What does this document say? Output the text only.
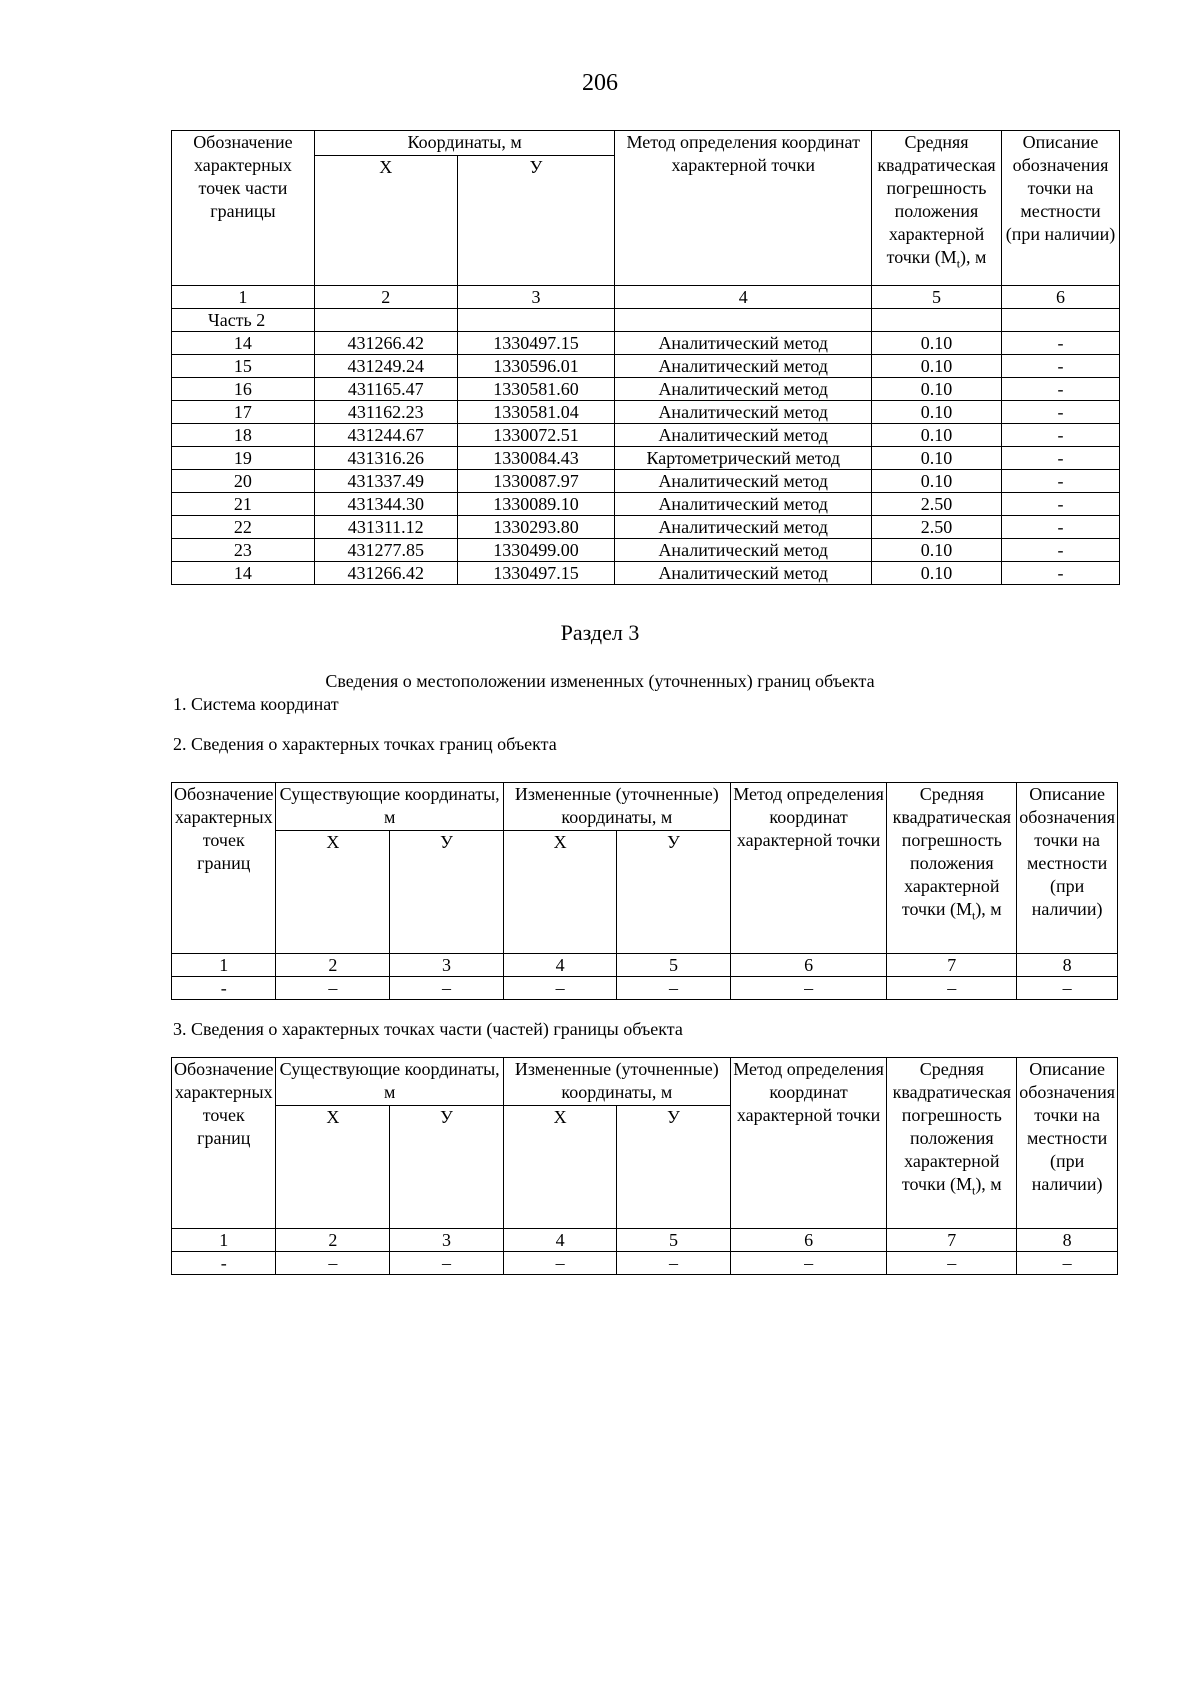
206
Обозначение характерных точек части границы	Координаты, м		Метод определения координат характерной точки	Средняя квадратическая погрешность положения характерной точки $(M_t)$, м	Описание обозначения точки на местности (при наличии)
	Х	У			
1	2	3	4	5	6
Часть 2					
14	431266.42	1330497.15	Аналитический метод	0.10	-
15	431249.24	1330596.01	Аналитический метод	0.10	-
16	431165.47	1330581.60	Аналитический метод	0.10	-
17	431162.23	1330581.04	Аналитический метод	0.10	-
18	431244.67	1330072.51	Аналитический метод	0.10	-
19	431316.26	1330084.43	Картометрический метод	0.10	-
20	431337.49	1330087.97	Аналитический метод	0.10	-
21	431344.30	1330089.10	Аналитический метод	2.50	-
22	431311.12	1330293.80	Аналитический метод	2.50	-
23	431277.85	1330499.00	Аналитический метод	0.10	-
14	431266.42	1330497.15	Аналитический метод	0.10	-
Раздел 3
Сведения о местоположении измененных (уточненных) границ объекта
1. Система координат
2. Сведения о характерных точках границ объекта
Обозначение характерных точек границ	Существующие координаты, м		Измененные (уточненные) координаты, м		Метод определения координат характерной точки	Средняя квадратическая погрешность положения характерной точки $(M_t)$, м	Описание обозначения точки на местности (при наличии)
	Х	У	Х	У			
1	2	3	4	5	6	7	8
-	–	–	–	–	–	–	–
3. Сведения о характерных точках части (частей) границы объекта
Обозначение характерных точек границ	Существующие координаты, м		Измененные (уточненные) координаты, м		Метод определения координат характерной точки	Средняя квадратическая погрешность положения характерной точки $(M_t)$, м	Описание обозначения точки на местности (при наличии)
	Х	У	Х	У			
1	2	3	4	5	6	7	8
-	–	–	–	–	–	–	–
